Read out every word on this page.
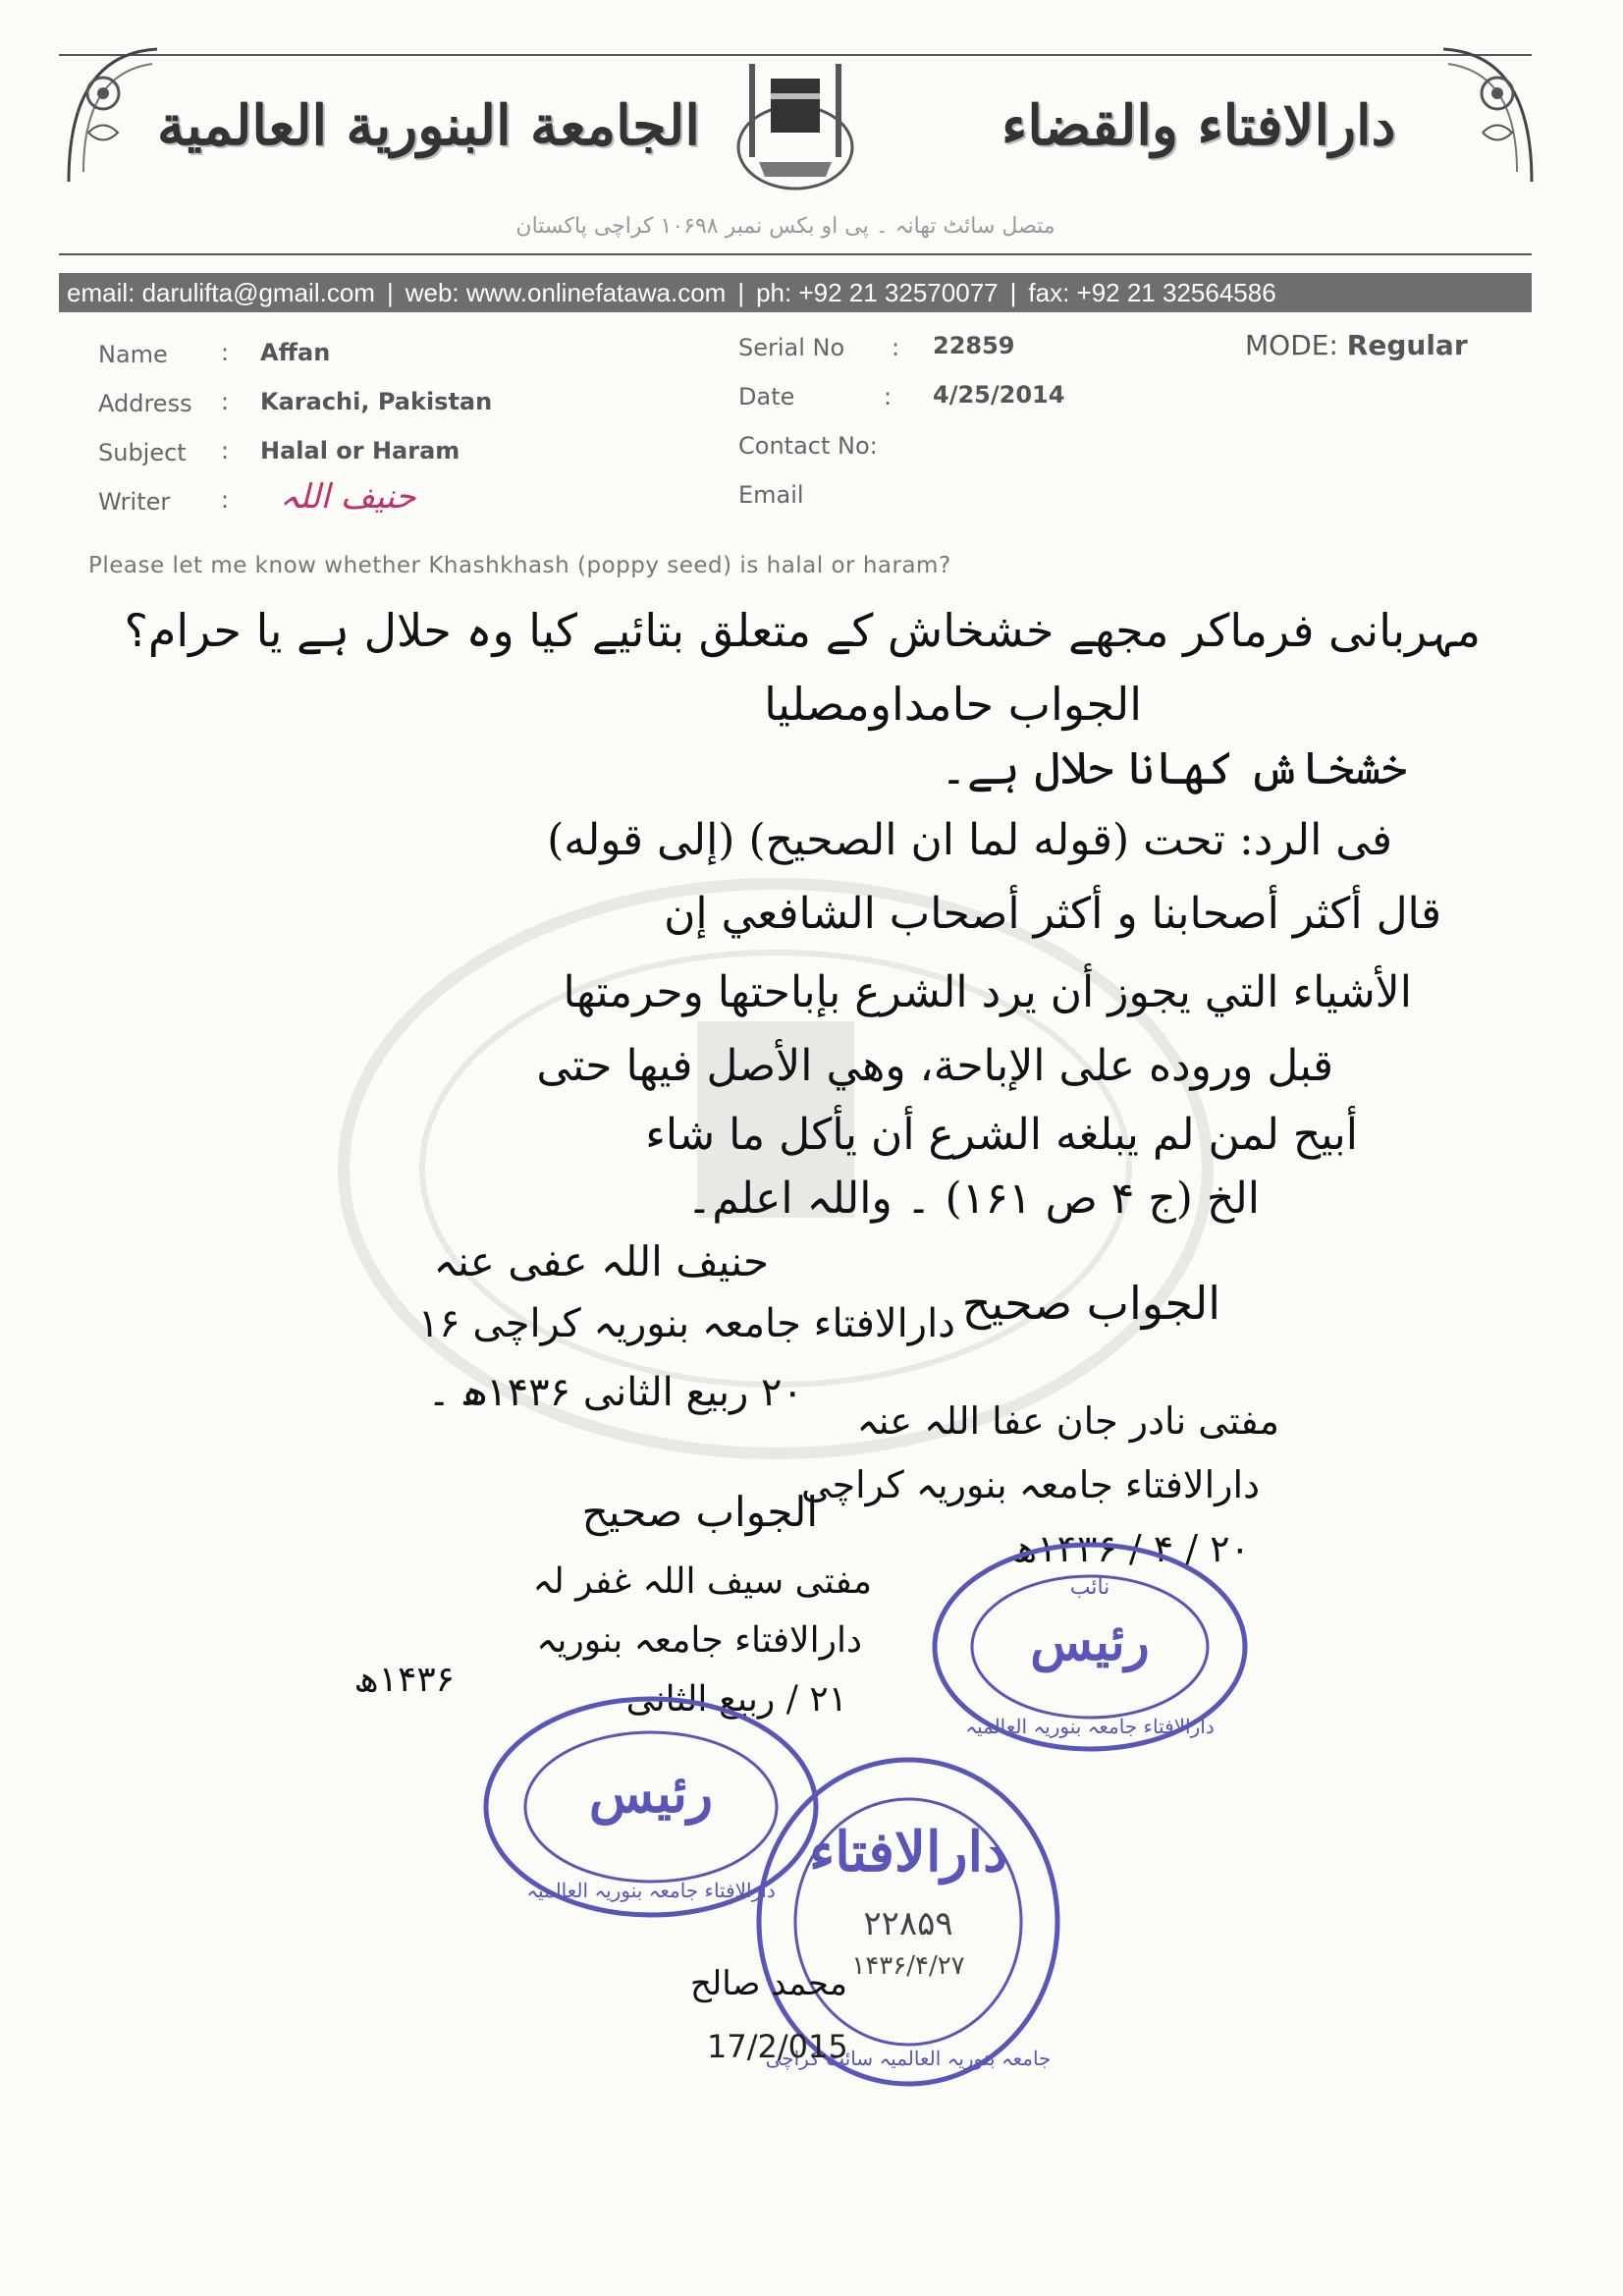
الجامعة البنورية العالمية	دارالافتاء والقضاء
متصل سائٹ تھانہ ۔ پی او بکس نمبر ۱۰۶۹۸ کراچی پاکستان
email: darulifta@gmail.com | web: www.onlinefatawa.com | ph: +92 21 32570077 | fax: +92 21 32564586
Name : Affan
Address : Karachi, Pakistan
Subject : Halal or Haram
Writer : حنیف اللہ
Serial No : 22859
Date	: 4/25/2014
Contact No:
Email
MODE: Regular
Please let me know whether Khashkhash (poppy seed) is halal or haram?
مہربانی فرماکر مجھے خشخاش کے متعلق بتائیے کیا وہ حلال ہے یا حرام؟
الجواب حامداومصلیا
خشخاش کھانا حلال ہے۔
فی الرد: تحت (قوله لما ان الصحیح) (إلى قوله)
قال أكثر أصحابنا و أكثر أصحاب الشافعي إن
الأشياء التي يجوز أن يرد الشرع بإباحتها وحرمتها
قبل وروده على الإباحة، وهي الأصل فيها حتى
أبيح لمن لم يبلغه الشرع أن يأكل ما شاء
الخ (ج ۴ ص ۱۶۱) ۔ واللہ اعلم۔
حنیف اللہ عفی عنہ
دارالافتاء جامعہ بنوریہ کراچی ۱۶
۲۰ ربیع الثانی ۱۴۳۶ھ ۔
الجواب صحیح
مفتی نادر جان عفا اللہ عنہ
دارالافتاء جامعہ بنوریہ کراچی
۲۰ / ۴ / ۱۴۳۶ھ
الجواب صحیح
مفتی سیف اللہ غفر لہ
دارالافتاء جامعہ بنوریہ
۲۱ / ربیع الثانی
۱۴۳۶ھ
نائب
رئیس
دارالافتاء جامعہ بنوریہ العالمیہ
رئیس
دارالافتاء جامعہ بنوریہ العالمیہ
دارالافتاء
۲۲۸۵۹
۱۴۳۶/۴/۲۷
جامعہ بنوریہ العالمیہ سائٹ کراچی
محمد صالح
17/2/015
